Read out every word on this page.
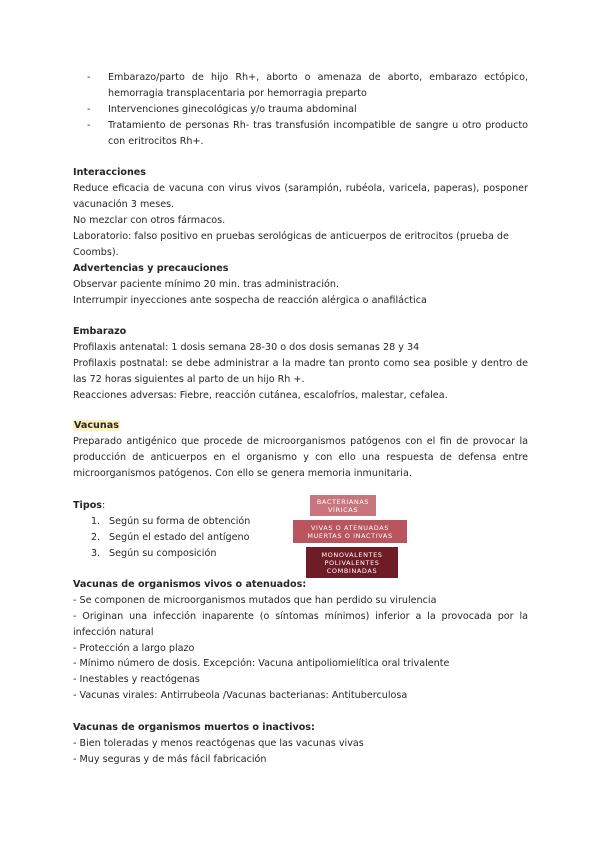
-	Embarazo/parto de hijo Rh+, aborto o amenaza de aborto, embarazo ectópico, hemorragia transplacentaria por hemorragia preparto
-	Intervenciones ginecológicas y/o trauma abdominal
-	Tratamiento de personas Rh- tras transfusión incompatible de sangre u otro producto con eritrocitos Rh+.
Interacciones
Reduce eficacia de vacuna con virus vivos (sarampión, rubéola, varicela, paperas), posponer vacunación 3 meses.
No mezclar con otros fármacos.
Laboratorio: falso positivo en pruebas serológicas de anticuerpos de eritrocitos (prueba de Coombs).
Advertencias y precauciones
Observar paciente mínimo 20 min. tras administración.
Interrumpir inyecciones ante sospecha de reacción alérgica o anafiláctica
Embarazo
Profilaxis antenatal: 1 dosis semana 28-30 o dos dosis semanas 28 y 34
Profilaxis postnatal: se debe administrar a la madre tan pronto como sea posible y dentro de las 72 horas siguientes al parto de un hijo Rh +.
Reacciones adversas: Fiebre, reacción cutánea, escalofríos, malestar, cefalea.
Vacunas
Preparado antigénico que procede de microorganismos patógenos con el fin de provocar la producción de anticuerpos en el organismo y con ello una respuesta de defensa entre microorganismos patógenos. Con ello se genera memoria inmunitaria.
Tipos:
1. Según su forma de obtención
2. Según el estado del antígeno
3. Según su composición
BACTERIANAS
VÍRICAS
VIVAS O ATENUADAS
MUERTAS O INACTIVAS
MONOVALENTES
POLIVALENTES
COMBINADAS
Vacunas de organismos vivos o atenuados:
- Se componen de microorganismos mutados que han perdido su virulencia
- Originan una infección inaparente (o síntomas mínimos) inferior a la provocada por la infección natural
- Protección a largo plazo
- Mínimo número de dosis. Excepción: Vacuna antipoliomielítica oral trivalente
- Inestables y reactógenas
- Vacunas virales: Antirrubeola /Vacunas bacterianas: Antituberculosa
Vacunas de organismos muertos o inactivos:
- Bien toleradas y menos reactógenas que las vacunas vivas
- Muy seguras y de más fácil fabricación
